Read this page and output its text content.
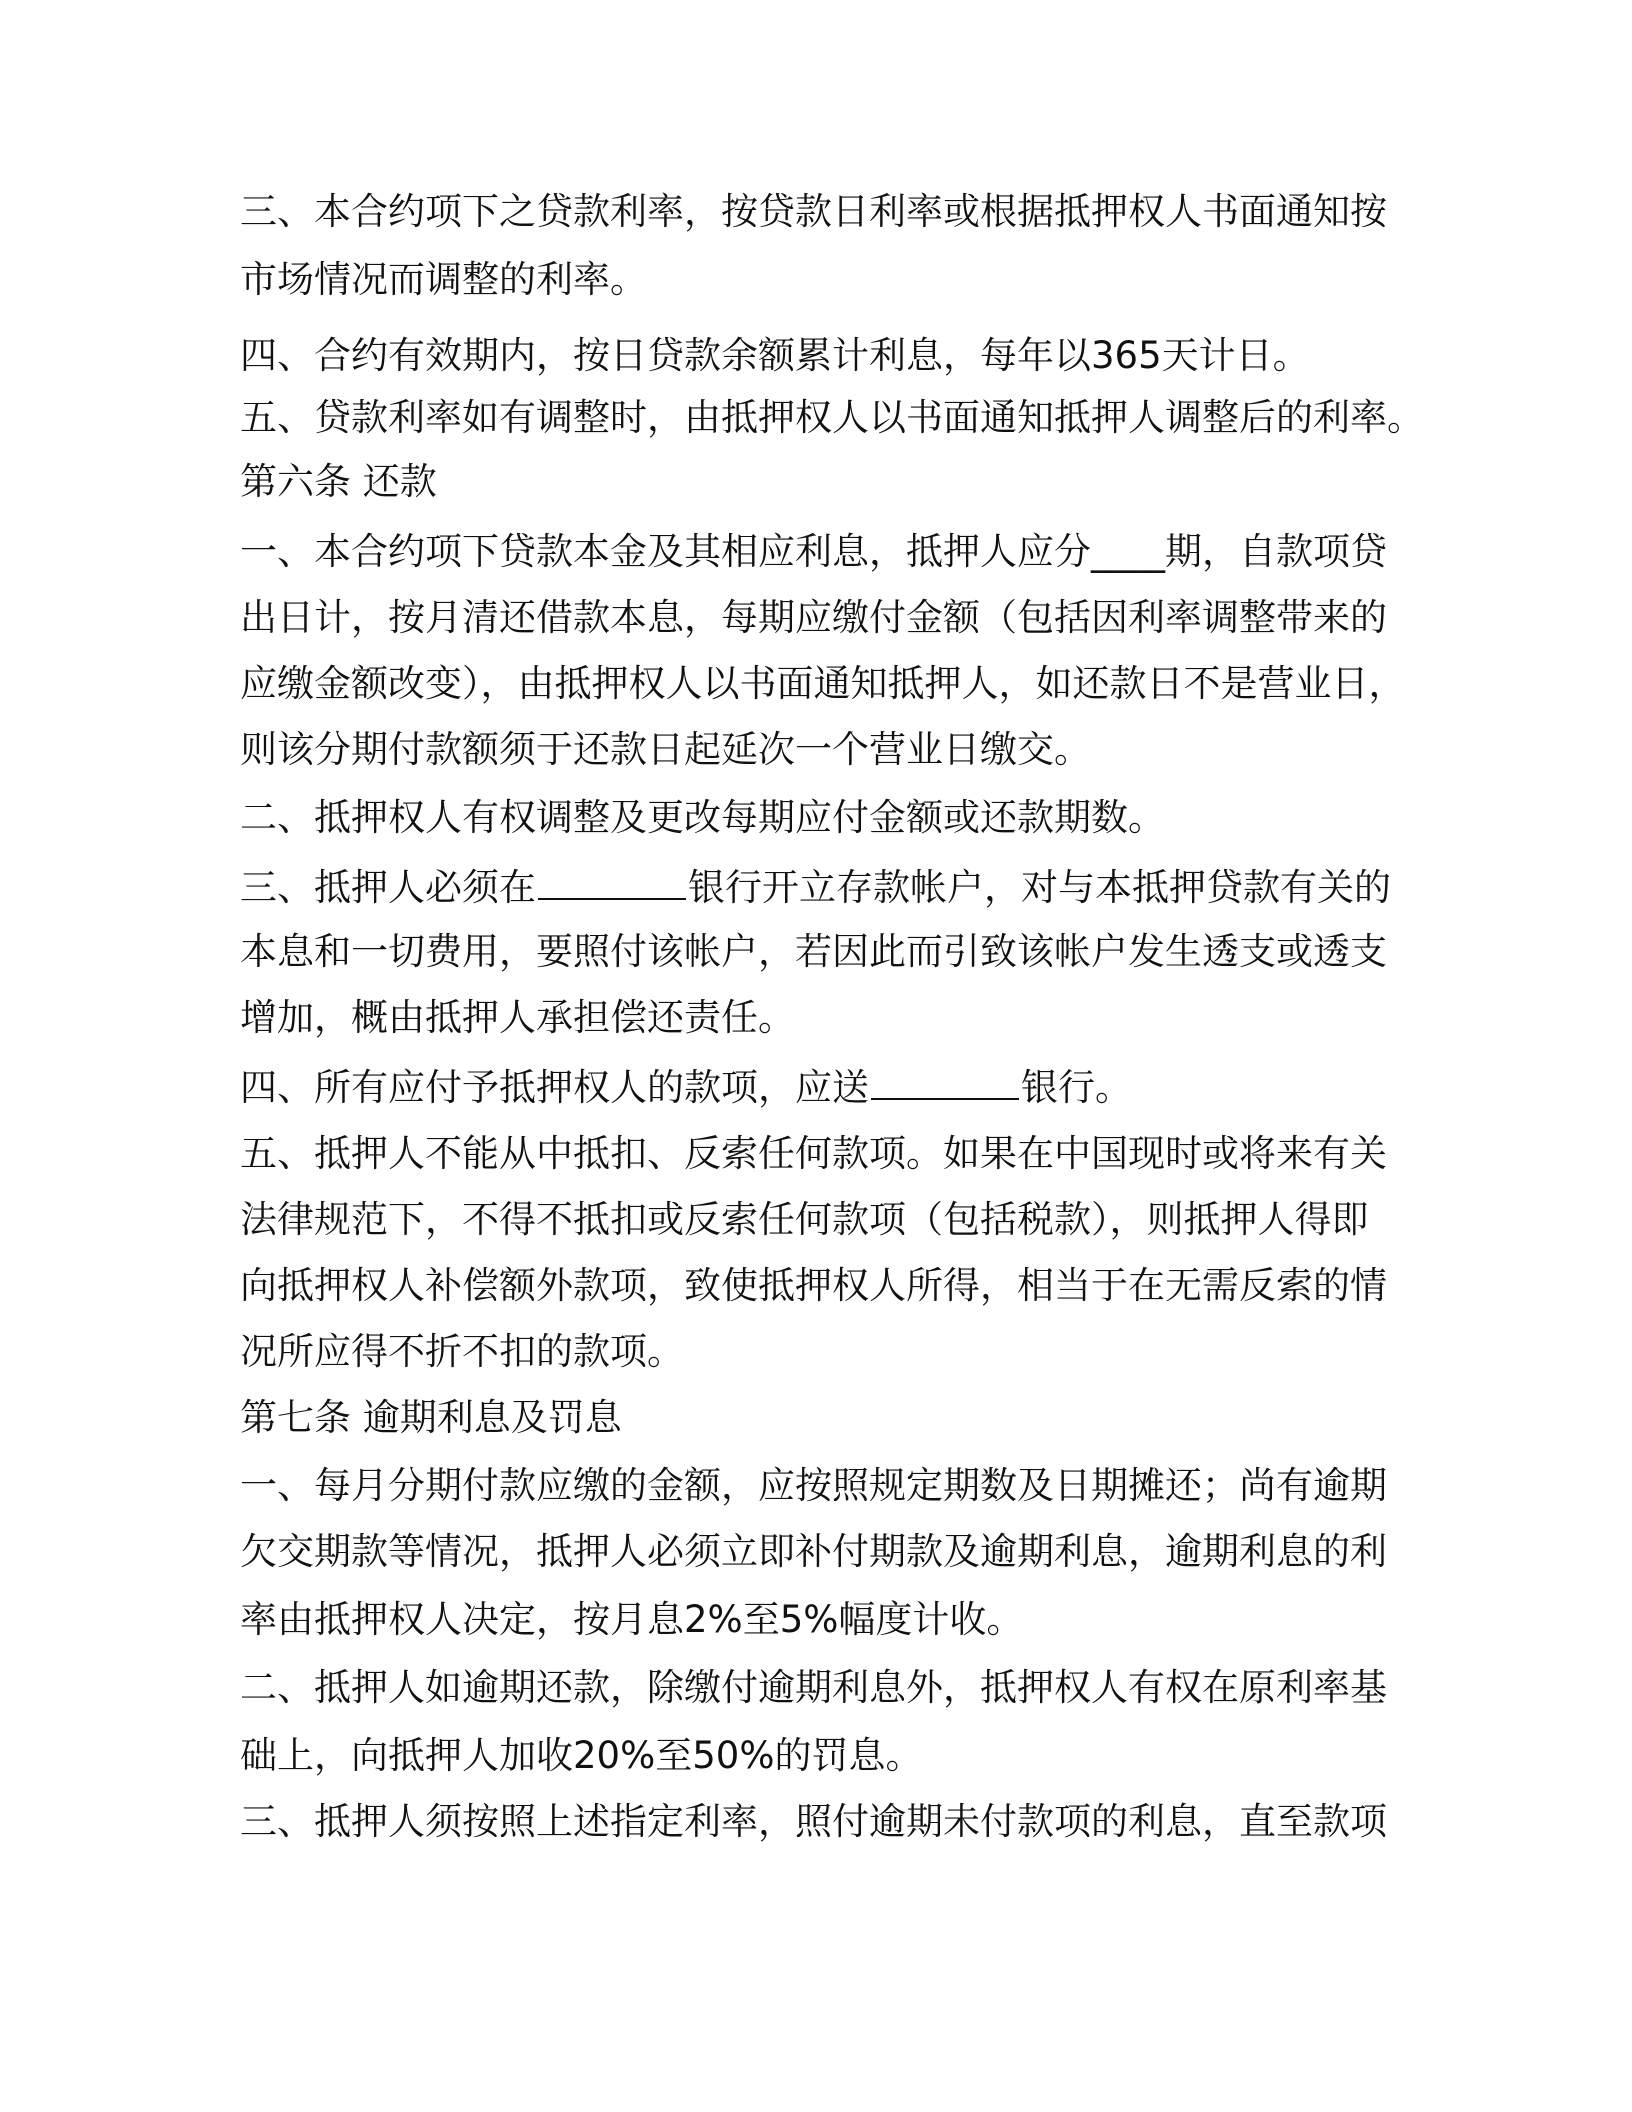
三、本合约项下之贷款利率，按贷款日利率或根据抵押权人书面通知按

市场情况而调整的利率。

四、合约有效期内，按日贷款余额累计利息，每年以365天计日。

五、贷款利率如有调整时，由抵押权人以书面通知抵押人调整后的利率。

第六条 还款

一、本合约项下贷款本金及其相应利息，抵押人应分____期，自款项贷

出日计，按月清还借款本息，每期应缴付金额（包括因利率调整带来的

应缴金额改变），由抵押权人以书面通知抵押人，如还款日不是营业日，

则该分期付款额须于还款日起延次一个营业日缴交。

二、抵押权人有权调整及更改每期应付金额或还款期数。

三、抵押人必须在	银行开立存款帐户，对与本抵押贷款有关的

本息和一切费用，要照付该帐户，若因此而引致该帐户发生透支或透支

增加，概由抵押人承担偿还责任。

四、所有应付予抵押权人的款项，应送	银行。

五、抵押人不能从中抵扣、反索任何款项。如果在中国现时或将来有关

法律规范下，不得不抵扣或反索任何款项（包括税款），则抵押人得即

向抵押权人补偿额外款项，致使抵押权人所得，相当于在无需反索的情

况所应得不折不扣的款项。

第七条 逾期利息及罚息

一、每月分期付款应缴的金额，应按照规定期数及日期摊还；尚有逾期

欠交期款等情况，抵押人必须立即补付期款及逾期利息，逾期利息的利

率由抵押权人决定，按月息2%至5%幅度计收。

二、抵押人如逾期还款，除缴付逾期利息外，抵押权人有权在原利率基

础上，向抵押人加收20%至50%的罚息。

三、抵押人须按照上述指定利率，照付逾期未付款项的利息，直至款项
